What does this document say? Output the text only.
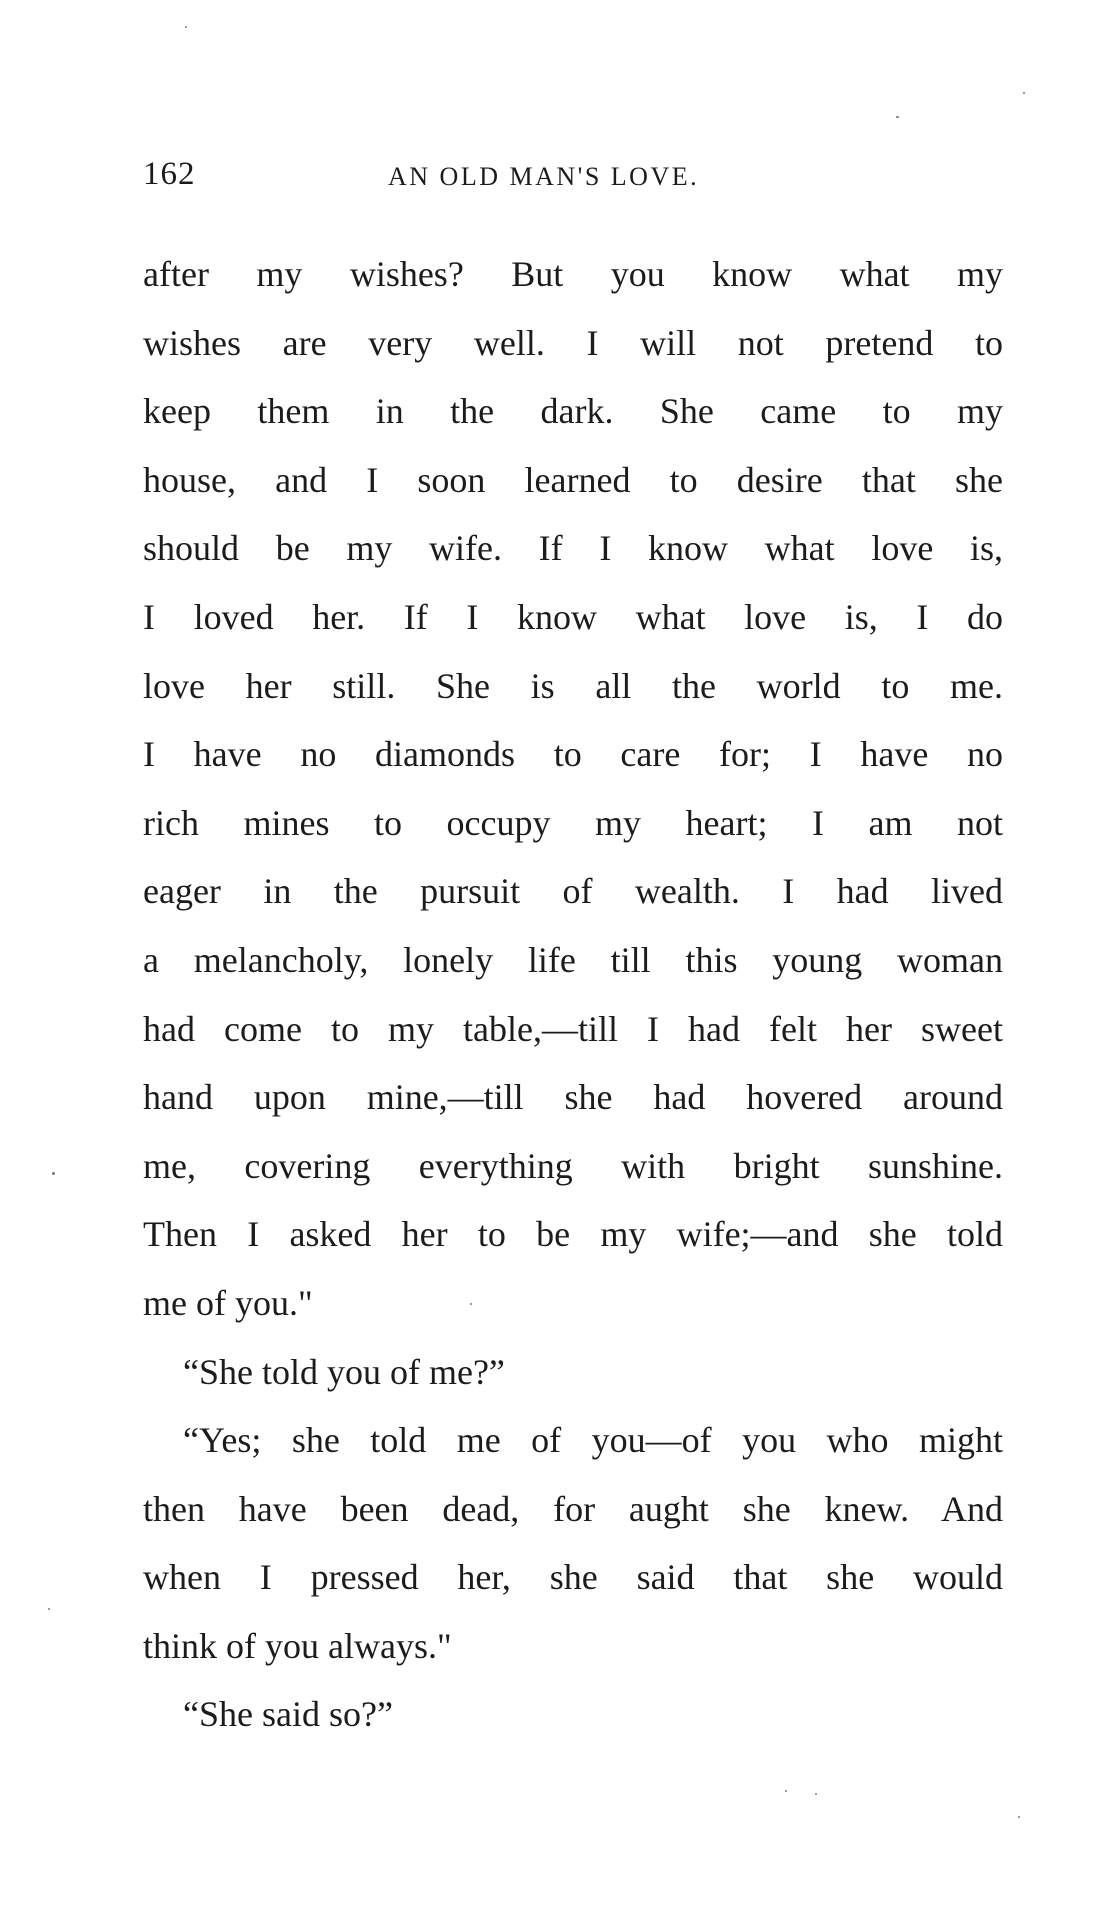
162	AN OLD MAN'S LOVE.
after my wishes? But you know what my
wishes are very well. I will not pretend to
keep them in the dark. She came to my
house, and I soon learned to desire that she
should be my wife. If I know what love is,
I loved her. If I know what love is, I do
love her still. She is all the world to me.
I have no diamonds to care for; I have no
rich mines to occupy my heart; I am not
eager in the pursuit of wealth. I had lived
a melancholy, lonely life till this young woman
had come to my table,—till I had felt her sweet
hand upon mine,—till she had hovered around
me, covering everything with bright sunshine.
Then I asked her to be my wife;—and she told
me of you."
“She told you of me?”
“Yes; she told me of you—of you who might
then have been dead, for aught she knew. And
when I pressed her, she said that she would
think of you always."
“She said so?”
